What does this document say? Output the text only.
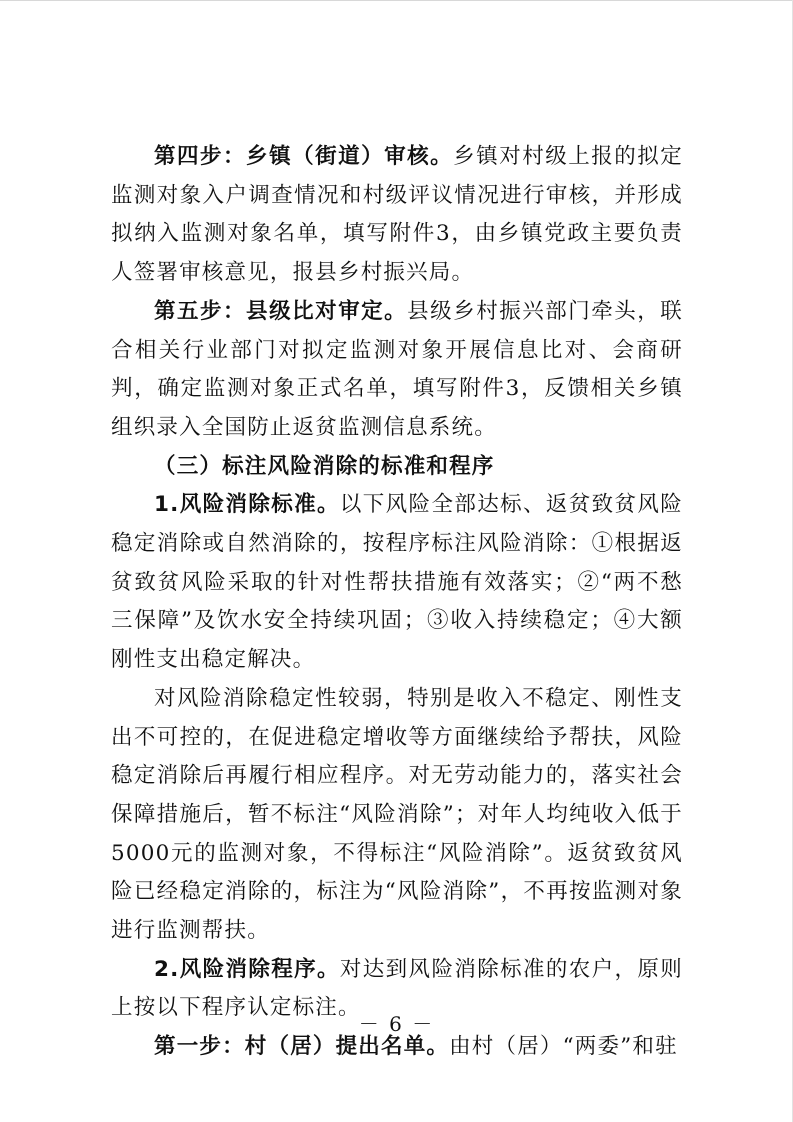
第四步：乡镇（街道）审核。乡镇对村级上报的拟定监测对象入户调查情况和村级评议情况进行审核，并形成拟纳入监测对象名单，填写附件3，由乡镇党政主要负责人签署审核意见，报县乡村振兴局。

第五步：县级比对审定。县级乡村振兴部门牵头，联合相关行业部门对拟定监测对象开展信息比对、会商研判，确定监测对象正式名单，填写附件3，反馈相关乡镇组织录入全国防止返贫监测信息系统。

（三）标注风险消除的标准和程序

1.风险消除标准。以下风险全部达标、返贫致贫风险稳定消除或自然消除的，按程序标注风险消除：①根据返贫致贫风险采取的针对性帮扶措施有效落实；②“两不愁三保障”及饮水安全持续巩固；③收入持续稳定；④大额刚性支出稳定解决。

对风险消除稳定性较弱，特别是收入不稳定、刚性支出不可控的，在促进稳定增收等方面继续给予帮扶，风险稳定消除后再履行相应程序。对无劳动能力的，落实社会保障措施后，暂不标注“风险消除”；对年人均纯收入低于5000元的监测对象，不得标注“风险消除”。返贫致贫风险已经稳定消除的，标注为“风险消除”，不再按监测对象进行监测帮扶。

2.风险消除程序。对达到风险消除标准的农户，原则上按以下程序认定标注。

第一步：村（居）提出名单。由村（居）“两委”和驻

－ 6 －
